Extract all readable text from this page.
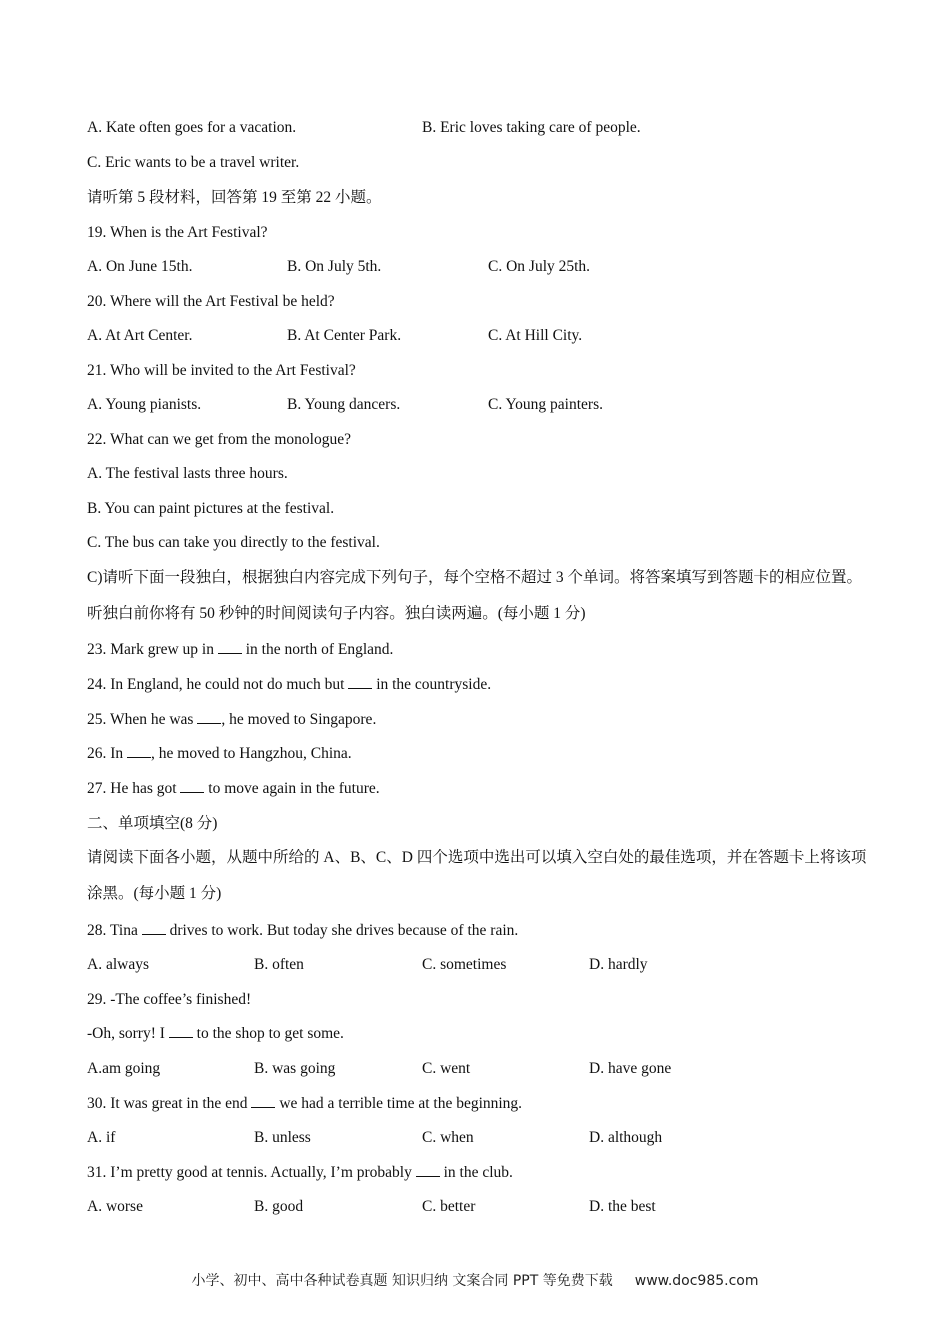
A. Kate often goes for a vacation.	B. Eric loves taking care of people.
C. Eric wants to be a travel writer.
请听第 5 段材料，回答第 19 至第 22 小题。
19. When is the Art Festival?
A. On June 15th.	B. On July 5th.	C. On July 25th.
20. Where will the Art Festival be held?
A. At Art Center.	B. At Center Park.	C. At Hill City.
21. Who will be invited to the Art Festival?
A. Young pianists.	B. Young dancers.	C. Young painters.
22. What can we get from the monologue?
A. The festival lasts three hours.
B. You can paint pictures at the festival.
C. The bus can take you directly to the festival.
C)请听下面一段独白，根据独白内容完成下列句子，每个空格不超过 3 个单词。将答案填写到答题卡的相应位置。听独白前你将有 50 秒钟的时间阅读句子内容。独白读两遍。(每小题 1 分)
23. Mark grew up in  in the north of England.
24. In England, he could not do much but  in the countryside.
25. When he was , he moved to Singapore.
26. In , he moved to Hangzhou, China.
27. He has got  to move again in the future.
二、单项填空(8 分)
请阅读下面各小题，从题中所给的 A、B、C、D 四个选项中选出可以填入空白处的最佳选项，并在答题卡上将该项涂黑。(每小题 1 分)
28. Tina  drives to work. But today she drives because of the rain.
A. always	B. often	C. sometimes	D. hardly
29. -The coffee’s finished!
-Oh, sorry! I  to the shop to get some.
A.am going	B. was going	C. went	D. have gone
30. It was great in the end  we had a terrible time at the beginning.
A. if	B. unless	C. when	D. although
31. I’m pretty good at tennis. Actually, I’m probably  in the club.
A. worse	B. good	C. better	D. the best
小学、初中、高中各种试卷真题 知识归纳 文案合同 PPT 等免费下载 www.doc985.com
